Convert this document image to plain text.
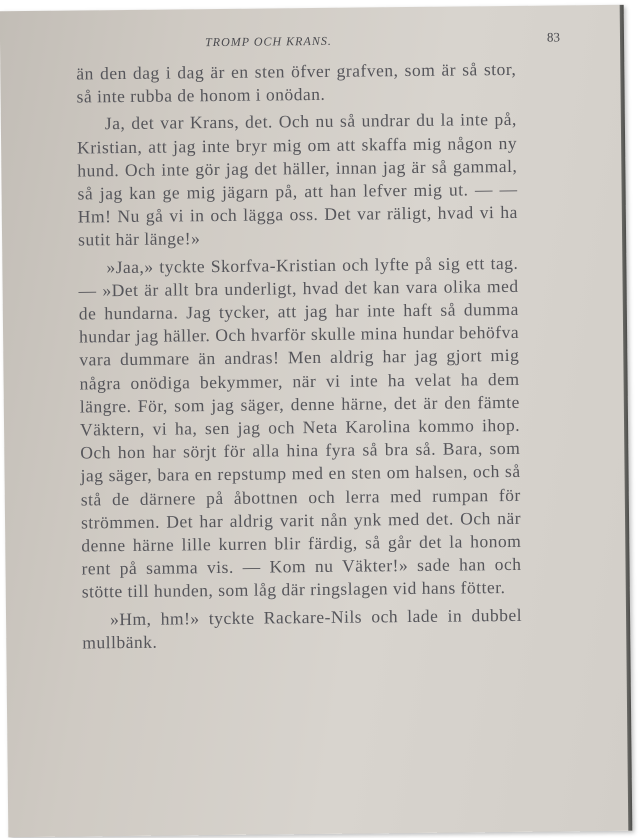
TROMP OCH KRANS.	83

än den dag i dag är en sten öfver grafven, som är så stor, så inte rubba de honom i onödan.

Ja, det var Krans, det. Och nu så undrar du la inte på, Kristian, att jag inte bryr mig om att skaffa mig någon ny hund. Och inte gör jag det häller, innan jag är så gammal, så jag kan ge mig jägarn på, att han lefver mig ut. — — Hm! Nu gå vi in och lägga oss. Det var räligt, hvad vi ha sutit här länge!»

»Jaa,» tyckte Skorfva-Kristian och lyfte på sig ett tag. — »Det är allt bra underligt, hvad det kan vara olika med de hundarna. Jag tycker, att jag har inte haft så dumma hundar jag häller. Och hvarför skulle mina hundar behöfva vara dummare än andras! Men aldrig har jag gjort mig några onödiga bekymmer, när vi inte ha velat ha dem längre. För, som jag säger, denne härne, det är den fämte Väktern, vi ha, sen jag och Neta Karolina kommo ihop. Och hon har sörjt för alla hina fyra så bra så. Bara, som jag säger, bara en repstump med en sten om halsen, och så stå de därnere på åbottnen och lerra med rumpan för strömmen. Det har aldrig varit nån ynk med det. Och när denne härne lille kurren blir färdig, så går det la honom rent på samma vis. — Kom nu Väkter!» sade han och stötte till hunden, som låg där ringslagen vid hans fötter.

»Hm, hm!» tyckte Rackare-Nils och lade in dubbel mullbänk.
